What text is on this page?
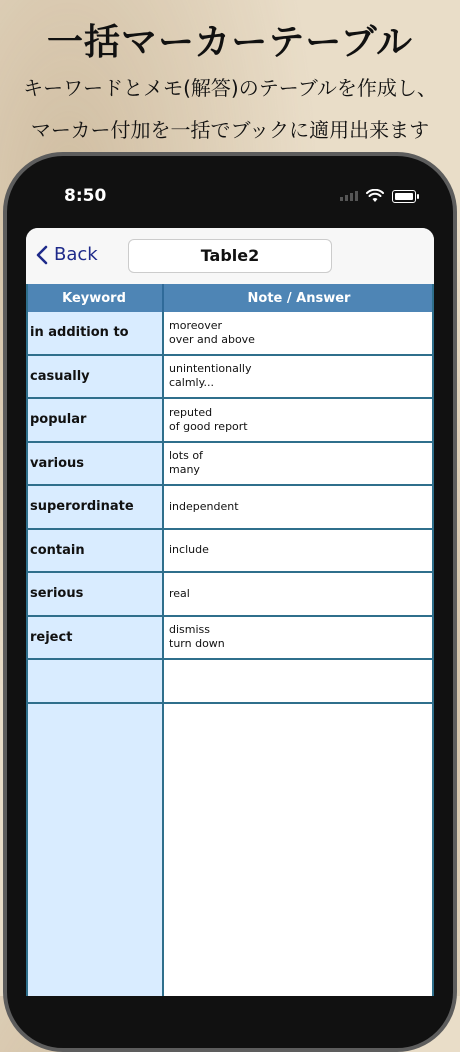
一括マーカーテーブル
キーワードとメモ(解答)のテーブルを作成し、
マーカー付加を一括でブックに適用出来ます
8:50
Back	Table2
Keyword	Note / Answer
in addition to	moreover
over and above
casually	unintentionally
calmly...
popular	reputed
of good report
various	lots of
many
superordinate	independent
contain	include
serious	real
reject	dismiss
turn down
